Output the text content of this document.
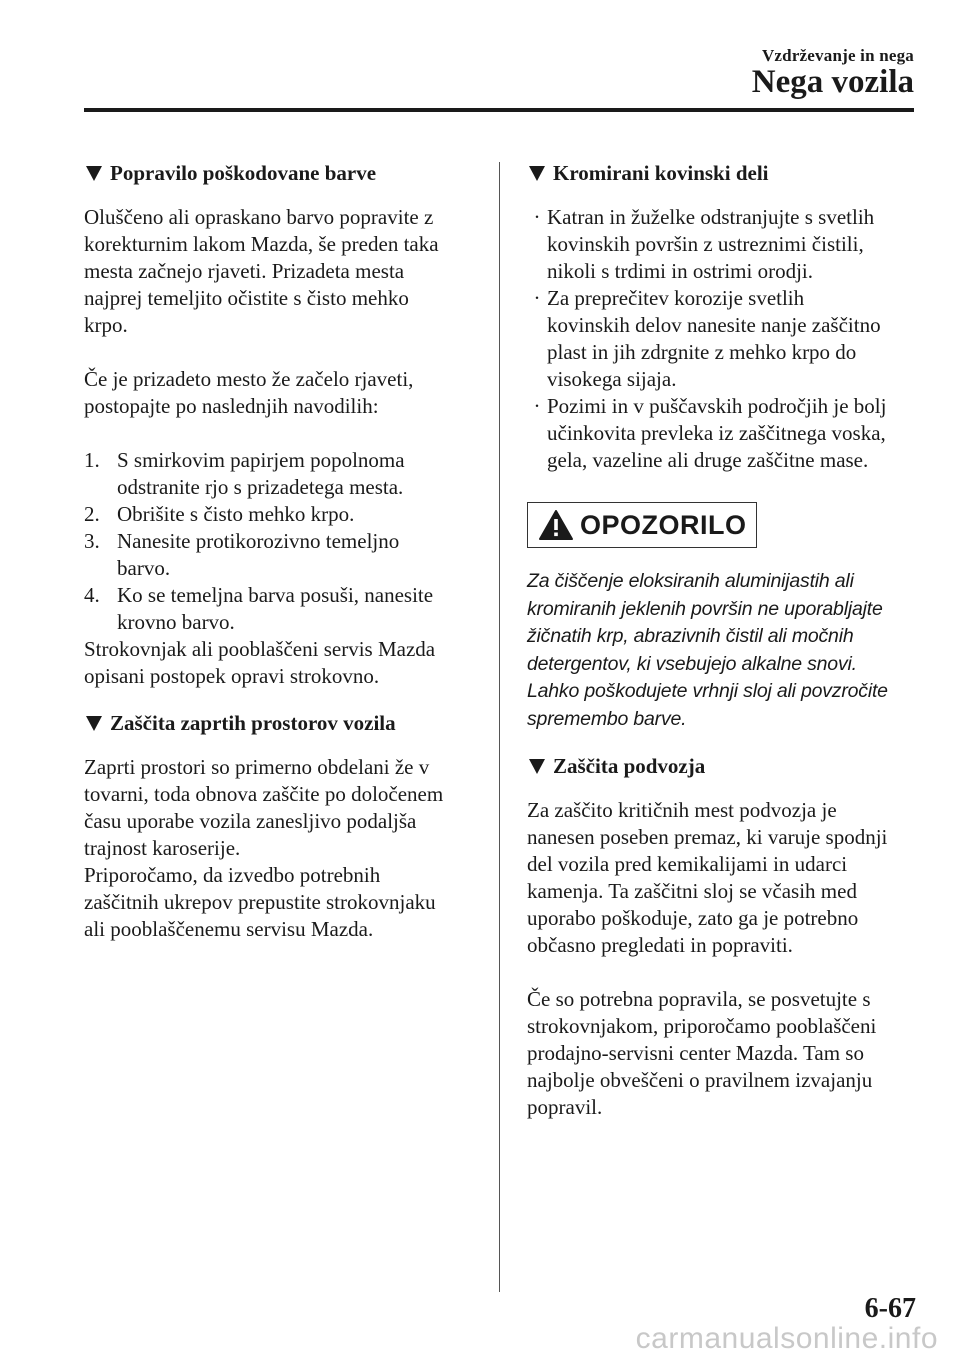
Vzdrževanje in nega
Nega vozila
Popravilo poškodovane barve

Oluščeno ali opraskano barvo popravite z
korekturnim lakom Mazda, še preden taka
mesta začnejo rjaveti. Prizadeta mesta
najprej temeljito očistite s čisto mehko
krpo.

Če je prizadeto mesto že začelo rjaveti,
postopajte po naslednjih navodilih:

1. S smirkovim papirjem popolnoma
odstranite rjo s prizadetega mesta.
2. Obrišite s čisto mehko krpo.
3. Nanesite protikorozivno temeljno
barvo.
4. Ko se temeljna barva posuši, nanesite
krovno barvo.

Strokovnjak ali pooblaščeni servis Mazda
opisani postopek opravi strokovno.

Zaščita zaprtih prostorov vozila

Zaprti prostori so primerno obdelani že v
tovarni, toda obnova zaščite po določenem
času uporabe vozila zanesljivo podaljša
trajnost karoserije.
Priporočamo, da izvedbo potrebnih
zaščitnih ukrepov prepustite strokovnjaku
ali pooblaščenemu servisu Mazda.

Kromirani kovinski deli
· Katran in žuželke odstranjujte s svetlih
kovinskih površin z ustreznimi čistili,
nikoli s trdimi in ostrimi orodji.
· Za preprečitev korozije svetlih
kovinskih delov nanesite nanje zaščitno
plast in jih zdrgnite z mehko krpo do
visokega sijaja.
· Pozimi in v puščavskih področjih je bolj
učinkovita prevleka iz zaščitnega voska,
gela, vazeline ali druge zaščitne mase.
OPOZORILO

Za čiščenje eloksiranih aluminijastih ali
kromiranih jeklenih površin ne uporabljajte
žičnatih krp, abrazivnih čistil ali močnih
detergentov, ki vsebujejo alkalne snovi.
Lahko poškodujete vrhnji sloj ali povzročite
spremembo barve.

Zaščita podvozja

Za zaščito kritičnih mest podvozja je
nanesen poseben premaz, ki varuje spodnji
del vozila pred kemikalijami in udarci
kamenja. Ta zaščitni sloj se včasih med
uporabo poškoduje, zato ga je potrebno
občasno pregledati in popraviti.

Če so potrebna popravila, se posvetujte s
strokovnjakom, priporočamo pooblaščeni
prodajno-servisni center Mazda. Tam so
najbolje obveščeni o pravilnem izvajanju
popravil.

6-67
carmanualsonline.info
